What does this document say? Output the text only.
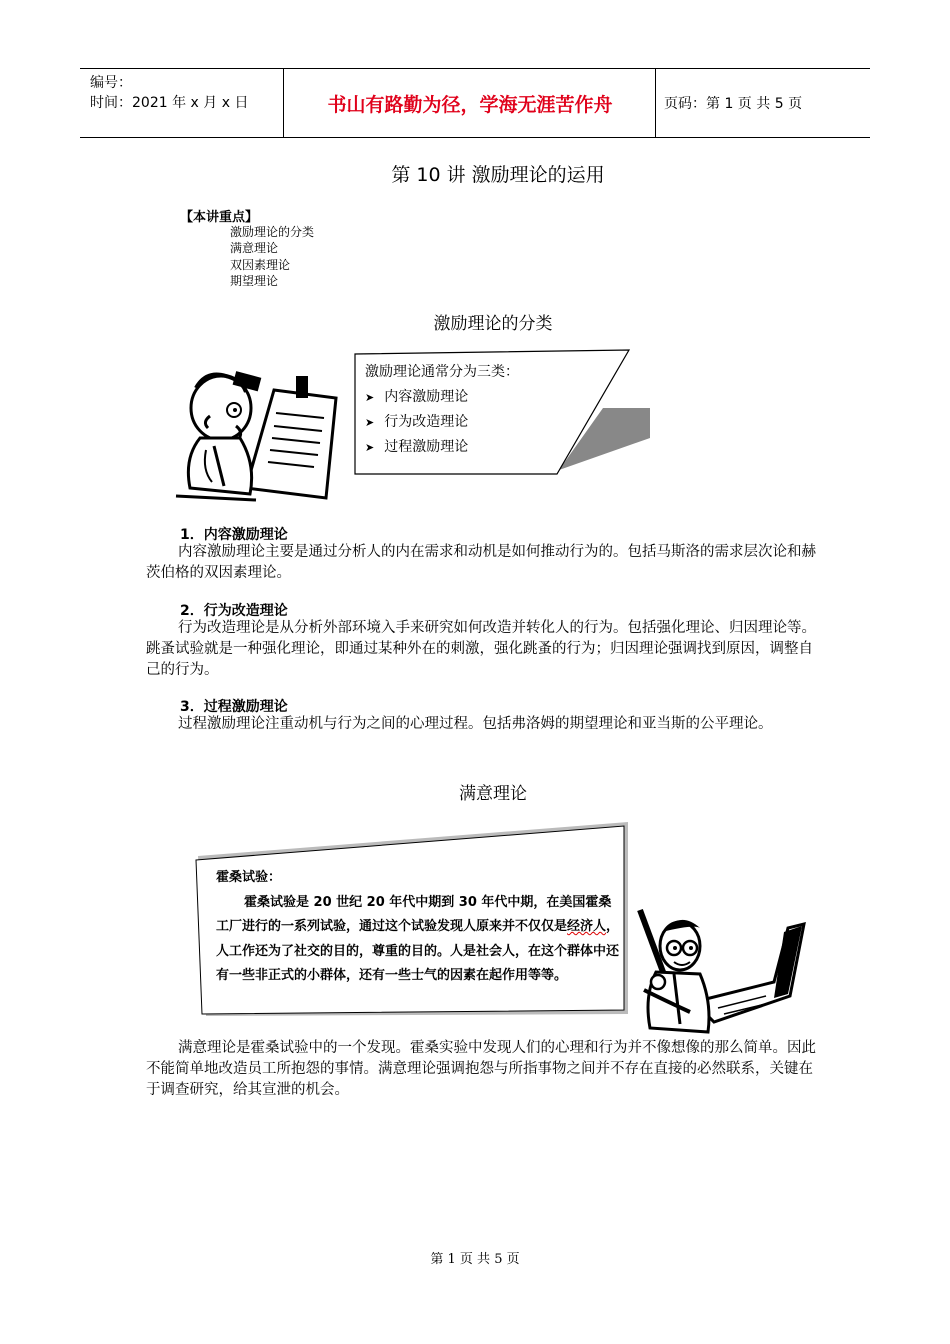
编号：
时间：2021 年 x 月 x 日	书山有路勤为径，学海无涯苦作舟	页码：第 1 页 共 5 页
第 10 讲 激励理论的运用
【本讲重点】
激励理论的分类
满意理论
双因素理论
期望理论
激励理论的分类
激励理论通常分为三类：
➤ 内容激励理论
➤ 行为改造理论
➤ 过程激励理论
1．内容激励理论
内容激励理论主要是通过分析人的内在需求和动机是如何推动行为的。包括马斯洛的需求层次论和赫茨伯格的双因素理论。
2．行为改造理论
行为改造理论是从分析外部环境入手来研究如何改造并转化人的行为。包括强化理论、归因理论等。跳蚤试验就是一种强化理论，即通过某种外在的刺激，强化跳蚤的行为；归因理论强调找到原因，调整自己的行为。
3．过程激励理论
过程激励理论注重动机与行为之间的心理过程。包括弗洛姆的期望理论和亚当斯的公平理论。
满意理论
霍桑试验：
霍桑试验是 20 世纪 20 年代中期到 30 年代中期，在美国霍桑工厂进行的一系列试验，通过这个试验发现人原来并不仅仅是经济人，人工作还为了社交的目的，尊重的目的。人是社会人，在这个群体中还有一些非正式的小群体，还有一些士气的因素在起作用等等。
满意理论是霍桑试验中的一个发现。霍桑实验中发现人们的心理和行为并不像想像的那么简单。因此不能简单地改造员工所抱怨的事情。满意理论强调抱怨与所指事物之间并不存在直接的必然联系，关键在于调查研究，给其宣泄的机会。
第 1 页 共 5 页
